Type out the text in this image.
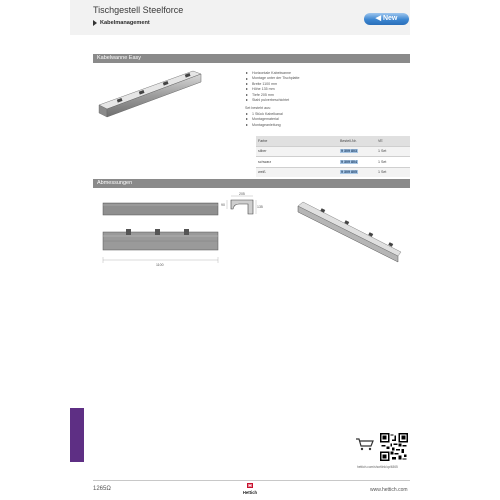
Tischgestell Steelforce
Kabelmanagement
◀ New
Kabelwanne Easy
Horizontale Kabelwanne
Montage unter der Tischplatte
Breite 1100 mm
Höhe 135 mm
Tiefe 205 mm
Stahl pulverbeschichtet
Set besteht aus:
1 Stück Kabelkanal
Montagematerial
Montageanleitung
Farbe	Bestell-Nr.	VE
silber	9 309 803	1 Set
schwarz	9 309 804	1 Set
weiß	9 309 805	1 Set
Abmessungen
205
90	135
1100
hettich.com/shortlink/qr/4865
1265Ω
Hettich	www.hettich.com
